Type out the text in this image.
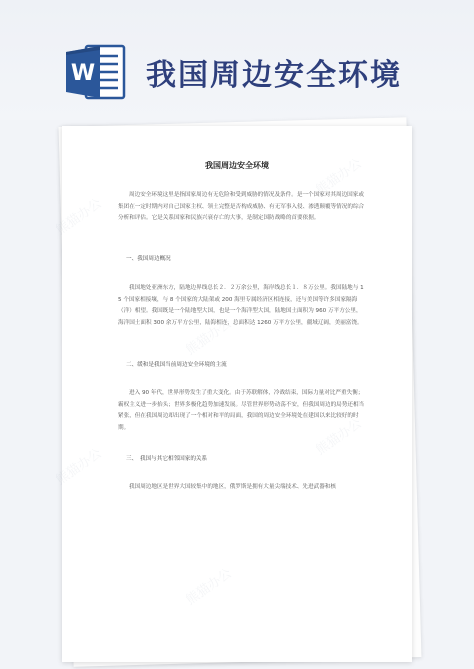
W 我国周边安全环境
我国周边安全环境

周边安全环境这里是指国家周边有无危险和受到威胁的情况及条件。是一个国家对其周边国家或集团在一定时期内对自己国家主权、领土完整是否构成威胁、有无军事入侵、渗透颠覆等情况的综合分析和评估。它是关系国家和民族兴衰存亡的大事，是制定国防战略的首要依据。

一、我国周边概况

我国地处亚洲东方，陆地边界线总长２．２万余公里，海岸线总长１．８万公里。我国陆地与 15 个国家相接壤，与 8 个国家的大陆架或 200 海里专属经济区相连接，还与美国等许多国家隔海（洋）相望。我国既是一个陆地型大国，也是一个海洋型大国，陆地国土面积为 960 万平方公里，海洋国土面积 300 余万平方公里，陆海相连，总面积达 1260 万平方公里，疆域辽阔，美丽富饶。

二、缓和是我国当前周边安全环境的主流

进入 90 年代，世界形势发生了重大变化。由于苏联解体，冷战结束，国际力量对比严重失衡；霸权主义进一步抬头；世界多极化趋势加速发展。尽管世界形势动荡不安，但我国周边的局势还相当紧张，但在我国周边却出现了一个相对和平的局面，我国的周边安全环境处在建国以来比较好的时期。

三、　我国与其它相邻国家的关系

我国周边地区是世界大国较集中的地区，俄罗斯是拥有大量尖端技术、先进武器和核

熊猫办公
熊猫办公
熊猫办公
熊猫办公
熊猫办公
熊猫办公
